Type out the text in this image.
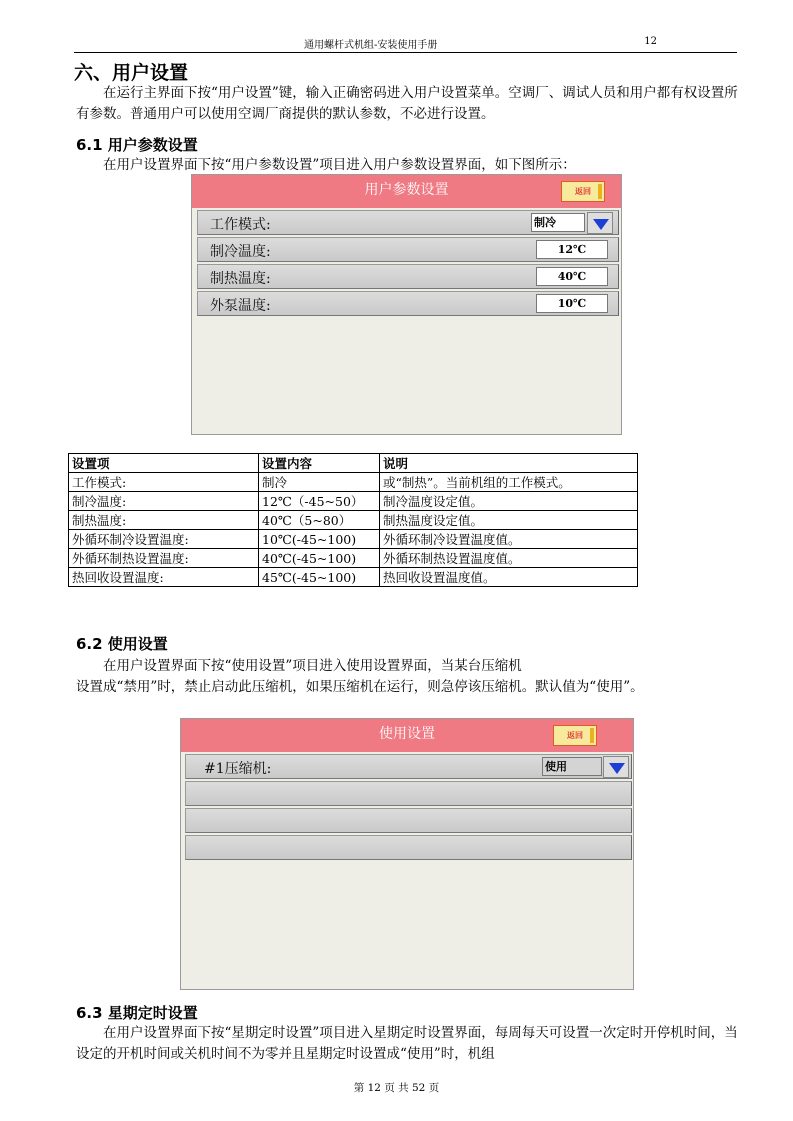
通用螺杆式机组-安装使用手册	12
六、用户设置
在运行主界面下按“用户设置”键，输入正确密码进入用户设置菜单。空调厂、调试人员和用户都有权设置所有参数。普通用户可以使用空调厂商提供的默认参数，不必进行设置。
6.1 用户参数设置
在用户设置界面下按“用户参数设置”项目进入用户参数设置界面，如下图所示：
用户参数设置	返回
工作模式:	制冷
制冷温度:	12℃
制热温度:	40℃
外泵温度:	10℃
设置项	设置内容	说明
工作模式:	制冷	或“制热”。当前机组的工作模式。
制冷温度:	12℃（-45~50）	制冷温度设定值。
制热温度:	40℃（5~80）	制热温度设定值。
外循环制冷设置温度:	10℃(-45~100)	外循环制冷设置温度值。
外循环制热设置温度:	40℃(-45~100)	外循环制热设置温度值。
热回收设置温度:	45℃(-45~100)	热回收设置温度值。
6.2 使用设置
在用户设置界面下按“使用设置”项目进入使用设置界面，当某台压缩机
设置成“禁用”时，禁止启动此压缩机，如果压缩机在运行，则急停该压缩机。默认值为“使用”。
使用设置	返回
#1压缩机:	使用
6.3 星期定时设置
在用户设置界面下按“星期定时设置”项目进入星期定时设置界面，每周每天可设置一次定时开停机时间，当设定的开机时间或关机时间不为零并且星期定时设置成“使用”时，机组
第 12 页 共 52 页
